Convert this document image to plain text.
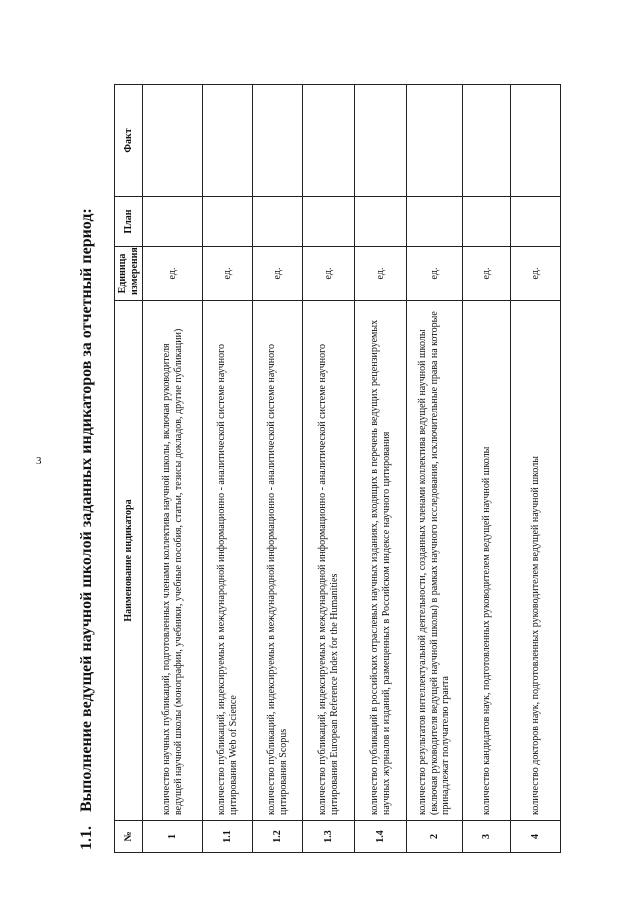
3
1.1.Выполнение ведущей научной школой заданных индикаторов за отчетный период:
№	Наименование индикатора	Единица измерения	План	Факт
1	количество научных публикаций, подготовленных членами коллектива научной школы, включая руководителя ведущей научной школы (монографии, учебники, учебные пособия, статьи, тезисы докладов, другие публикации)	ед.		
1.1	количество публикаций, индексируемых в международной информационно - аналитической системе научного цитирования Web of Science	ед.		
1.2	количество публикаций, индексируемых в международной информационно - аналитической системе научного цитирования Scopus	ед.		
1.3	количество публикаций, индексируемых в международной информационно - аналитической системе научного цитирования European Reference Index for the Humanities	ед.		
1.4	количество публикаций в российских отраслевых научных изданиях, входящих в перечень ведущих рецензируемых научных журналов и изданий, размещенных в Российском индексе научного цитирования	ед.		
2	количество результатов интеллектуальной деятельности, созданных членами коллектива ведущей научной школы (включая руководителя ведущей научной школы) в рамках научного исследования, исключительные права на которые принадлежат получателю гранта	ед.		
3	количество кандидатов наук, подготовленных руководителем ведущей научной школы	ед.		
4	количество докторов наук, подготовленных руководителем ведущей научной школы	ед.		
